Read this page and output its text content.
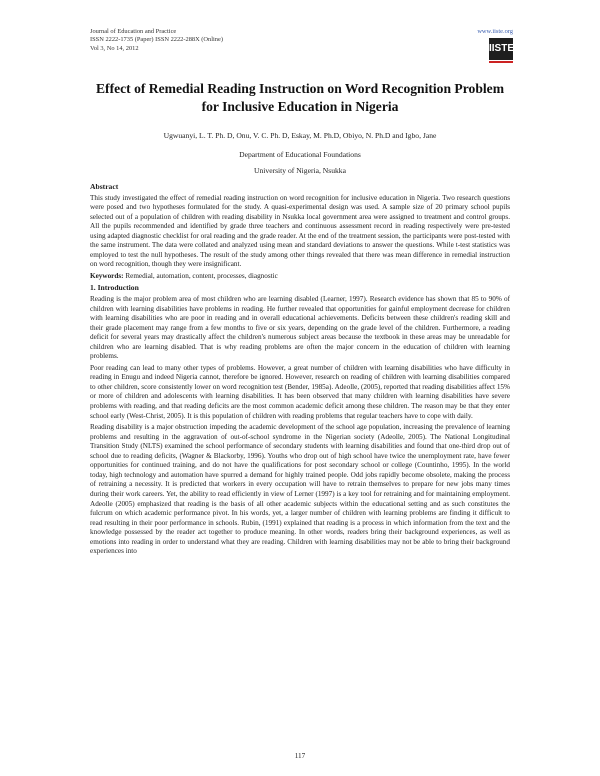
Journal of Education and Practice
ISSN 2222-1735 (Paper) ISSN 2222-288X (Online)
Vol 3, No 14, 2012
www.iiste.org
IISTE
Effect of Remedial Reading Instruction on Word Recognition Problem for Inclusive Education in Nigeria
Ugwuanyi, L. T. Ph. D, Onu, V. C. Ph. D, Eskay, M. Ph.D, Obiyo, N. Ph.D and Igbo, Jane
Department of Educational Foundations
University of Nigeria, Nsukka
Abstract

This study investigated the effect of remedial reading instruction on word recognition for inclusive education in Nigeria. Two research questions were posed and two hypotheses formulated for the study. A quasi-experimental design was used. A sample size of 20 primary school pupils selected out of a population of children with reading disability in Nsukka local government area were assigned to treatment and control groups. All the pupils recommended and identified by grade three teachers and continuous assessment record in reading respectively were pre-tested using adapted diagnostic checklist for oral reading and the grade reader. At the end of the treatment session, the participants were post-tested with the same instrument. The data were collated and analyzed using mean and standard deviations to answer the questions. While t-test statistics was employed to test the null hypotheses. The result of the study among other things revealed that there was mean difference in remedial instruction on word recognition, though they were insignificant.

Keywords: Remedial, automation, content, processes, diagnostic

1. Introduction

Reading is the major problem area of most children who are learning disabled (Learner, 1997). Research evidence has shown that 85 to 90% of children with learning disabilities have problems in reading. He further revealed that opportunities for gainful employment decrease for children with learning disabilities who are poor in reading and in overall educational achievements. Deficits between these children's reading skill and their grade placement may range from a few months to five or six years, depending on the grade level of the children. Furthermore, a reading deficit for several years may drastically affect the children's numerous subject areas because the textbook in these areas may be unreadable for children who are learning disabled. That is why reading problems are often the major concern in the education of children with learning problems.

Poor reading can lead to many other types of problems. However, a great number of children with learning disabilities who have difficulty in reading in Enugu and indeed Nigeria cannot, therefore be ignored. However, research on reading of children with learning disabilities compared to other children, score consistently lower on word recognition test (Bender, 1985a). Adeolle, (2005), reported that reading disabilities affect 15% or more of children and adolescents with learning disabilities. It has been observed that many children with learning disabilities have severe problems with reading, and that reading deficits are the most common academic deficit among these children. The reason may be that they enter school early (West-Christ, 2005). It is this population of children with reading problems that regular teachers have to cope with daily.

Reading disability is a major obstruction impeding the academic development of the school age population, increasing the prevalence of learning problems and resulting in the aggravation of out-of-school syndrome in the Nigerian society (Adeolle, 2005). The National Longitudinal Transition Study (NLTS) examined the school performance of secondary students with learning disabilities and found that one-third drop out of school due to reading deficits, (Wagner & Blackorby, 1996). Youths who drop out of high school have twice the unemployment rate, have fewer opportunities for continued training, and do not have the qualifications for post secondary school or college (Countinho, 1995). In the world today, high technology and automation have spurred a demand for highly trained people. Odd jobs rapidly become obsolete, making the process of retraining a necessity. It is predicted that workers in every occupation will have to retrain themselves to prepare for new jobs many times during their work careers. Yet, the ability to read efficiently in view of Lerner (1997) is a key tool for retraining and for maintaining employment. Adeolle (2005) emphasized that reading is the basis of all other academic subjects within the educational setting and as such constitutes the fulcrum on which academic performance pivot. In his words, yet, a larger number of children with learning problems are finding it difficult to read resulting in their poor performance in schools. Rubin, (1991) explained that reading is a process in which information from the text and the knowledge possessed by the reader act together to produce meaning. In other words, readers bring their background experiences, as well as emotions into reading in order to understand what they are reading. Children with learning disabilities may not be able to bring their background experiences into

117
